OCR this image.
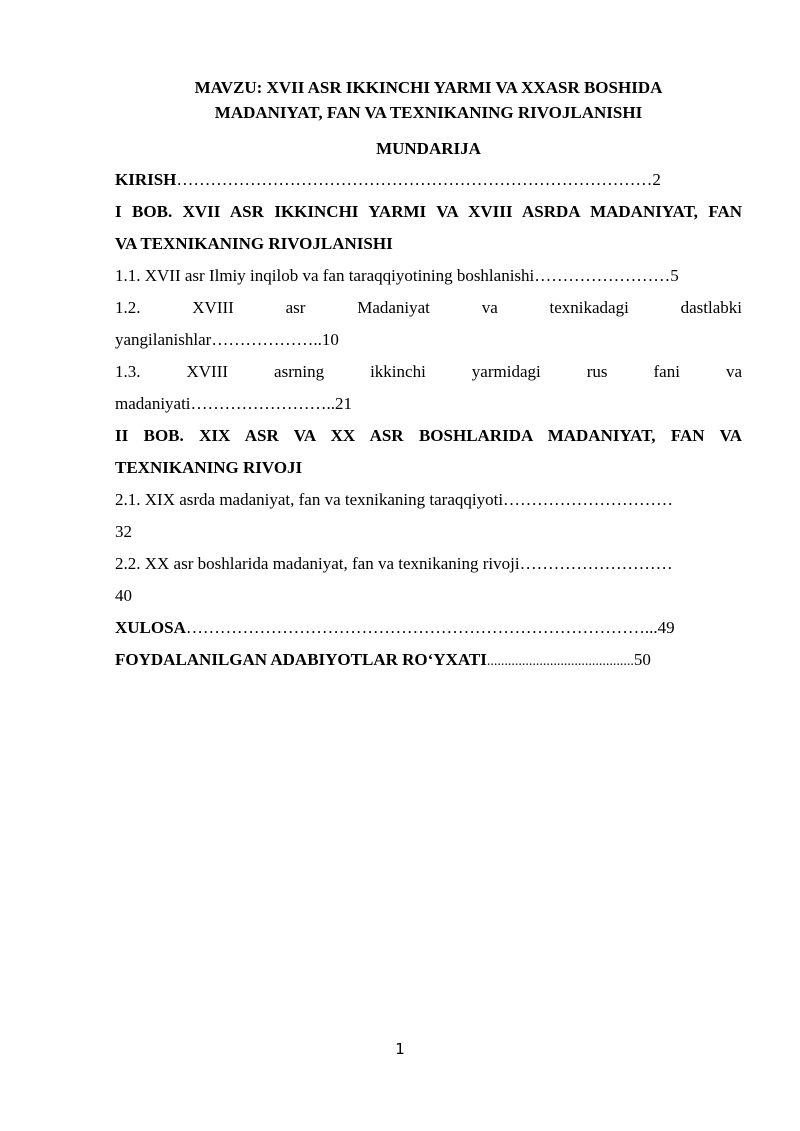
MAVZU: XVII ASR IKKINCHI YARMI VA XXASR BOSHIDA
MADANIYAT, FAN VA TEXNIKANING RIVOJLANISHI

MUNDARIJA

KIRISH…………………………………………………………………………2
I BOB. XVII ASR IKKINCHI YARMI VA XVIII ASRDA MADANIYAT, FAN
VA TEXNIKANING RIVOJLANISHI
1.1. XVII asr Ilmiy inqilob va fan taraqqiyotining boshlanishi……………………5
1.2. XVIII asr Madaniyat va texnikadagi dastlabki
yangilanishlar………………..10
1.3. XVIII asrning ikkinchi yarmidagi rus fani va
madaniyati……………………..21
II BOB. XIX ASR VA XX ASR BOSHLARIDA MADANIYAT, FAN VA
TEXNIKANING RIVOJI
2.1. XIX asrda madaniyat, fan va texnikaning taraqqiyoti…………………………
32
2.2. XX asr boshlarida madaniyat, fan va texnikaning rivoji………………………
40
XULOSA………………………………………………………………………...49
FOYDALANILGAN ADABIYOTLAR RO‘YXATI..........................................50
1
